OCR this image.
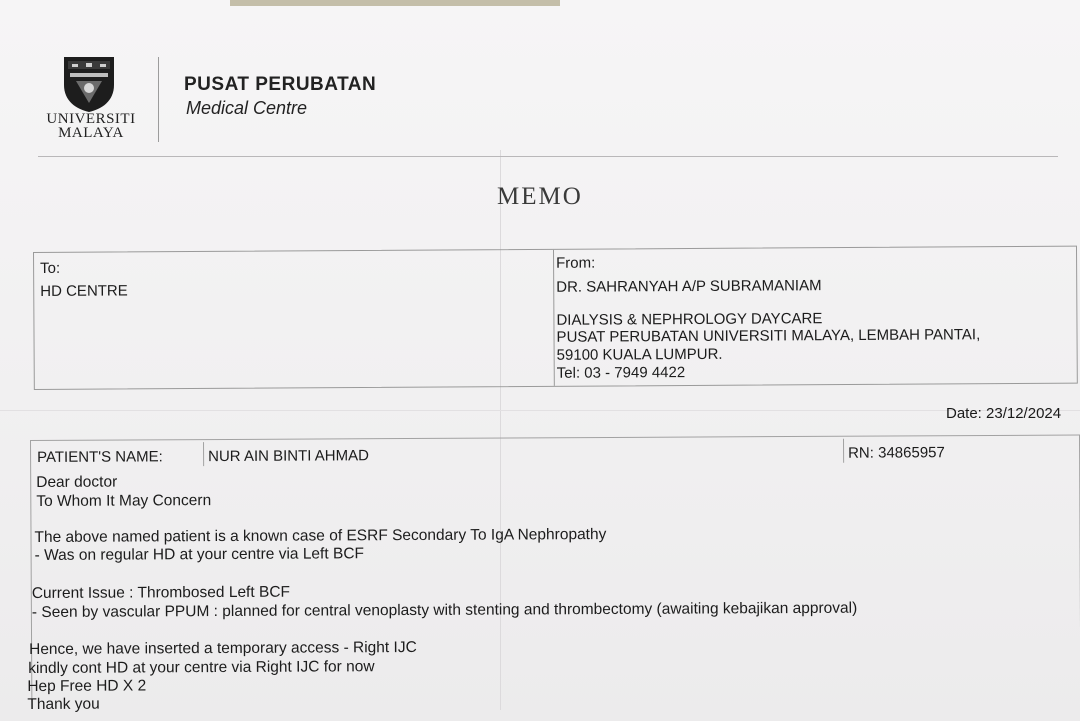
UNIVERSITI MALAYA
PUSAT PERUBATAN
Medical Centre
MEMO
To:
HD CENTRE
From:
DR. SAHRANYAH A/P SUBRAMANIAM
DIALYSIS & NEPHROLOGY DAYCARE
PUSAT PERUBATAN UNIVERSITI MALAYA, LEMBAH PANTAI,
59100 KUALA LUMPUR.
Tel: 03 - 7949 4422
Date: 23/12/2024
PATIENT'S NAME:	NUR AIN BINTI AHMAD	RN: 34865957
Dear doctor
To Whom It May Concern
The above named patient is a known case of ESRF Secondary To IgA Nephropathy
- Was on regular HD at your centre via Left BCF
Current Issue : Thrombosed Left BCF
- Seen by vascular PPUM : planned for central venoplasty with stenting and thrombectomy (awaiting kebajikan approval)
Hence, we have inserted a temporary access - Right IJC
kindly cont HD at your centre via Right IJC for now
Hep Free HD X 2
Thank you
